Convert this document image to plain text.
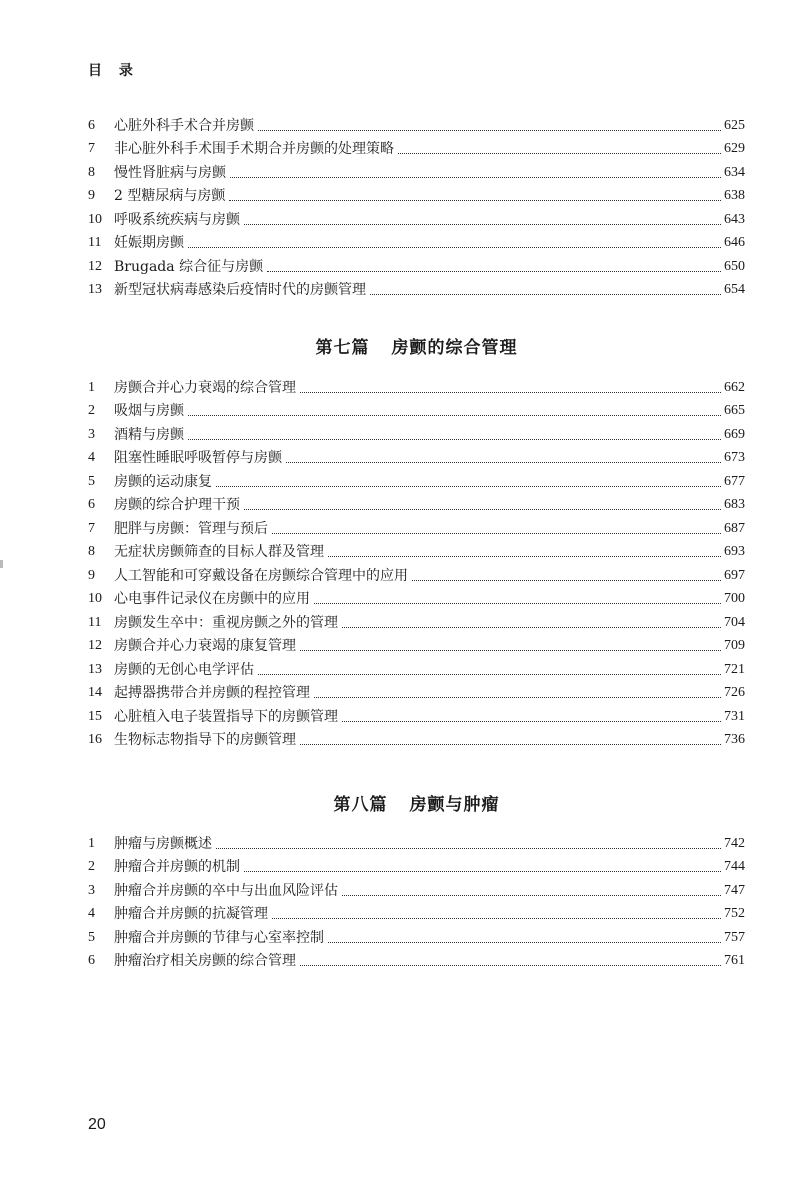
目 录
6	心脏外科手术合并房颤	625
7	非心脏外科手术围手术期合并房颤的处理策略	629
8	慢性肾脏病与房颤	634
9	2 型糖尿病与房颤	638
10 呼吸系统疾病与房颤	643
11 妊娠期房颤	646
12 Brugada 综合征与房颤	650
13 新型冠状病毒感染后疫情时代的房颤管理	654
第七篇 房颤的综合管理
1	房颤合并心力衰竭的综合管理	662
2	吸烟与房颤	665
3	酒精与房颤	669
4	阻塞性睡眠呼吸暂停与房颤	673
5	房颤的运动康复	677
6	房颤的综合护理干预	683
7	肥胖与房颤：管理与预后	687
8	无症状房颤筛查的目标人群及管理	693
9	人工智能和可穿戴设备在房颤综合管理中的应用	697
10 心电事件记录仪在房颤中的应用	700
11 房颤发生卒中：重视房颤之外的管理	704
12 房颤合并心力衰竭的康复管理	709
13 房颤的无创心电学评估	721
14 起搏器携带合并房颤的程控管理	726
15 心脏植入电子装置指导下的房颤管理	731
16 生物标志物指导下的房颤管理	736
第八篇 房颤与肿瘤
1	肿瘤与房颤概述	742
2	肿瘤合并房颤的机制	744
3	肿瘤合并房颤的卒中与出血风险评估	747
4	肿瘤合并房颤的抗凝管理	752
5	肿瘤合并房颤的节律与心室率控制	757
6	肿瘤治疗相关房颤的综合管理	761
20
